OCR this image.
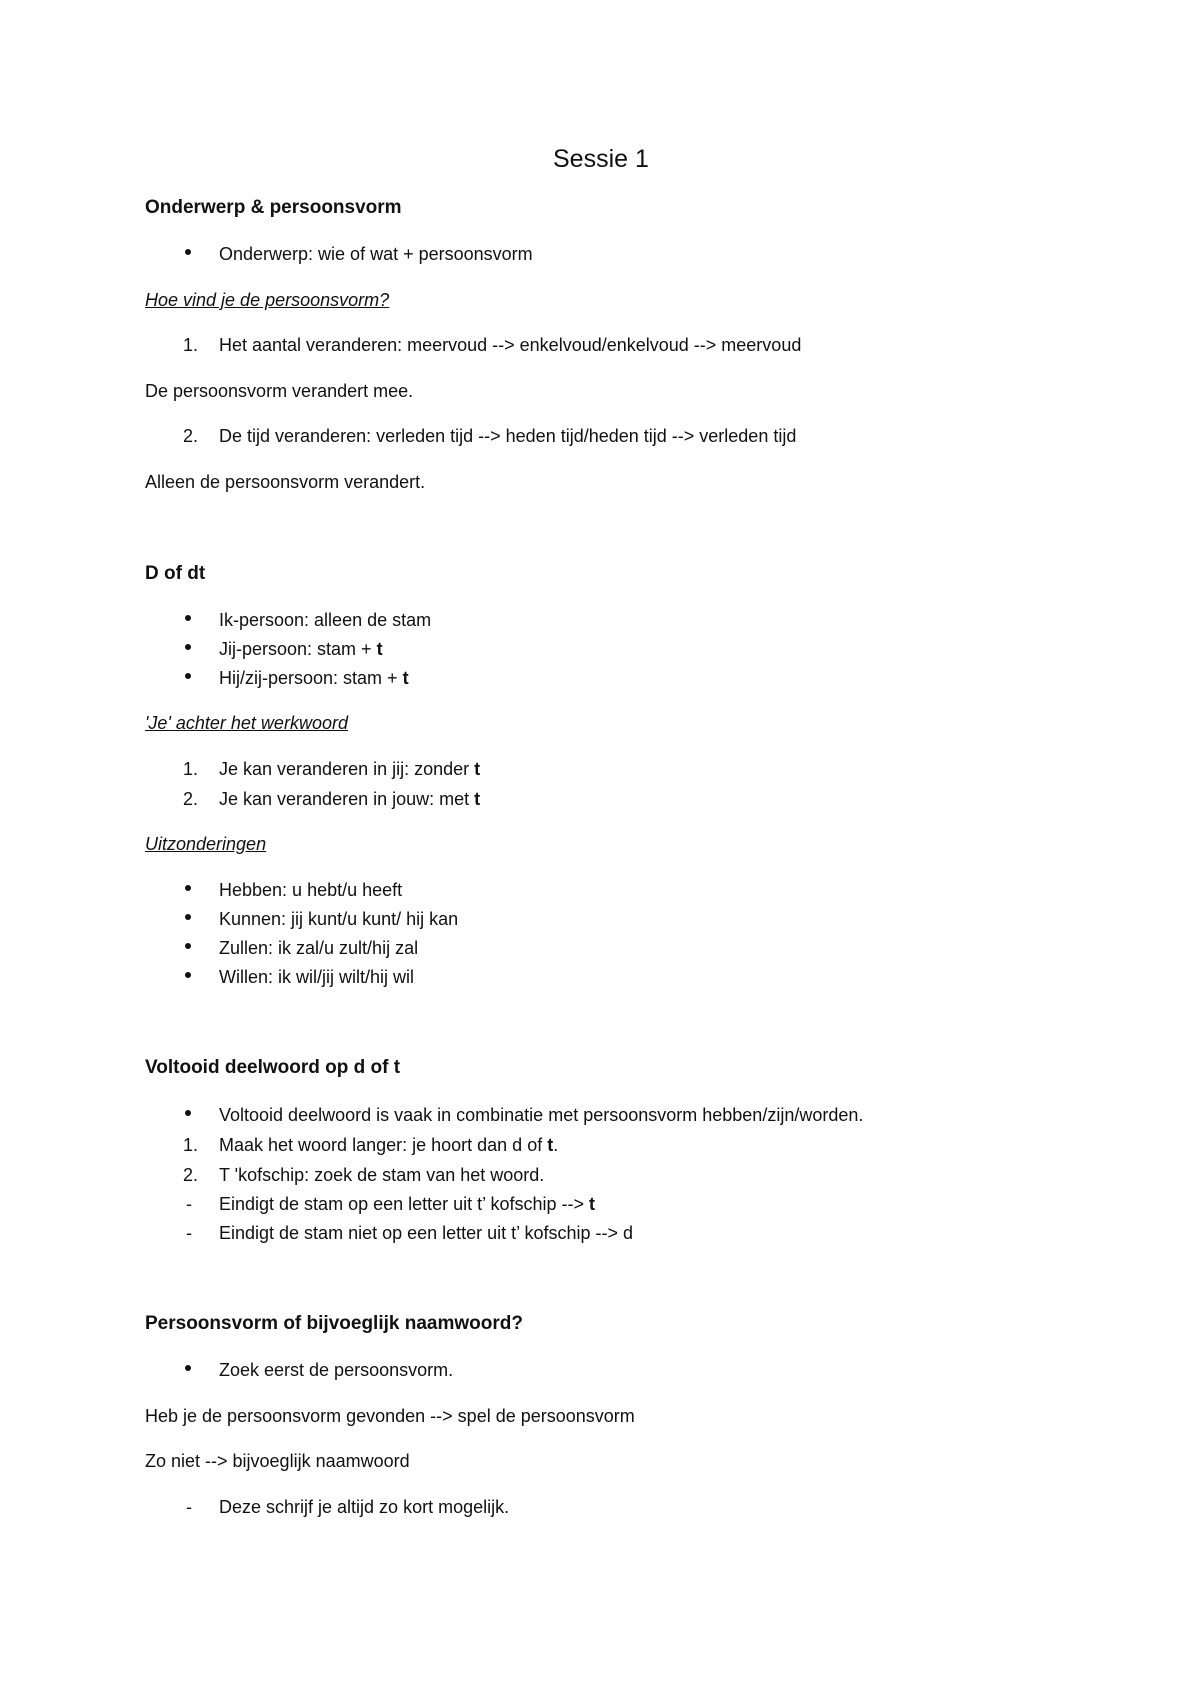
Sessie 1
Onderwerp & persoonsvorm
Onderwerp: wie of wat + persoonsvorm
Hoe vind je de persoonsvorm?
1. Het aantal veranderen: meervoud --> enkelvoud/enkelvoud --> meervoud
De persoonsvorm verandert mee.
2. De tijd veranderen: verleden tijd --> heden tijd/heden tijd --> verleden tijd
Alleen de persoonsvorm verandert.
D of dt
Ik-persoon: alleen de stam
Jij-persoon: stam + t
Hij/zij-persoon: stam + t
'Je' achter het werkwoord
1. Je kan veranderen in jij: zonder t
2. Je kan veranderen in jouw: met t
Uitzonderingen
Hebben: u hebt/u heeft
Kunnen: jij kunt/u kunt/ hij kan
Zullen: ik zal/u zult/hij zal
Willen: ik wil/jij wilt/hij wil
Voltooid deelwoord op d of t
Voltooid deelwoord is vaak in combinatie met persoonsvorm hebben/zijn/worden.
1. Maak het woord langer: je hoort dan d of t.
2. T 'kofschip: zoek de stam van het woord.
- Eindigt de stam op een letter uit t’ kofschip --> t
- Eindigt de stam niet op een letter uit t’ kofschip --> d
Persoonsvorm of bijvoeglijk naamwoord?
Zoek eerst de persoonsvorm.
Heb je de persoonsvorm gevonden --> spel de persoonsvorm
Zo niet --> bijvoeglijk naamwoord
- Deze schrijf je altijd zo kort mogelijk.
